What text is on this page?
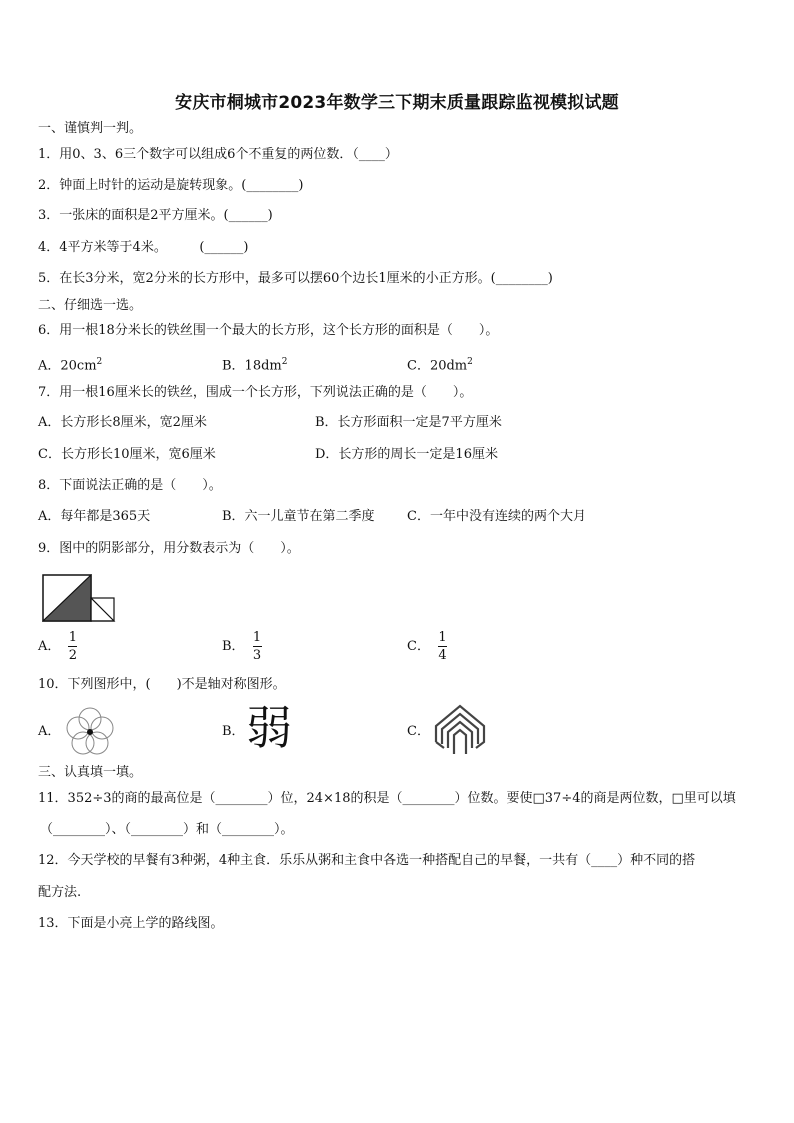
安庆市桐城市2023年数学三下期末质量跟踪监视模拟试题
一、谨慎判一判。
1．用0、3、6三个数字可以组成6个不重复的两位数．（____）
2．钟面上时针的运动是旋转现象。(________)
3．一张床的面积是2平方厘米。(______)
4．4平方米等于4米。　　　(______)
5．在长3分米，宽2分米的长方形中，最多可以摆60个边长1厘米的小正方形。(________)
二、仔细选一选。
6．用一根18分米长的铁丝围一个最大的长方形，这个长方形的面积是（　　）。
A．$20cm^2$	B．$18dm^2$	C．$20dm^2$
7．用一根16厘米长的铁丝，围成一个长方形，下列说法正确的是（　　）。
A．长方形长8厘米，宽2厘米	B．长方形面积一定是7平方厘米
C．长方形长10厘米，宽6厘米	D．长方形的周长一定是16厘米
8．下面说法正确的是（　　）。
A．每年都是365天	B．六一儿童节在第二季度 C．一年中没有连续的两个大月
9．图中的阴影部分，用分数表示为（　　）。
A． $\frac{1}{2}$	B． $\frac{1}{3}$	C． $\frac{1}{4}$
10．下列图形中，(　　)不是轴对称图形。
A．	B． 弱	C．
三、认真填一填。
11．352÷3的商的最高位是（________）位，24×18的积是（________）位数。要使□37÷4的商是两位数，□里可以填
（________）、（________）和（________）。
12．今天学校的早餐有3种粥，4种主食．乐乐从粥和主食中各选一种搭配自己的早餐，一共有（____）种不同的搭
配方法.
13．下面是小亮上学的路线图。
